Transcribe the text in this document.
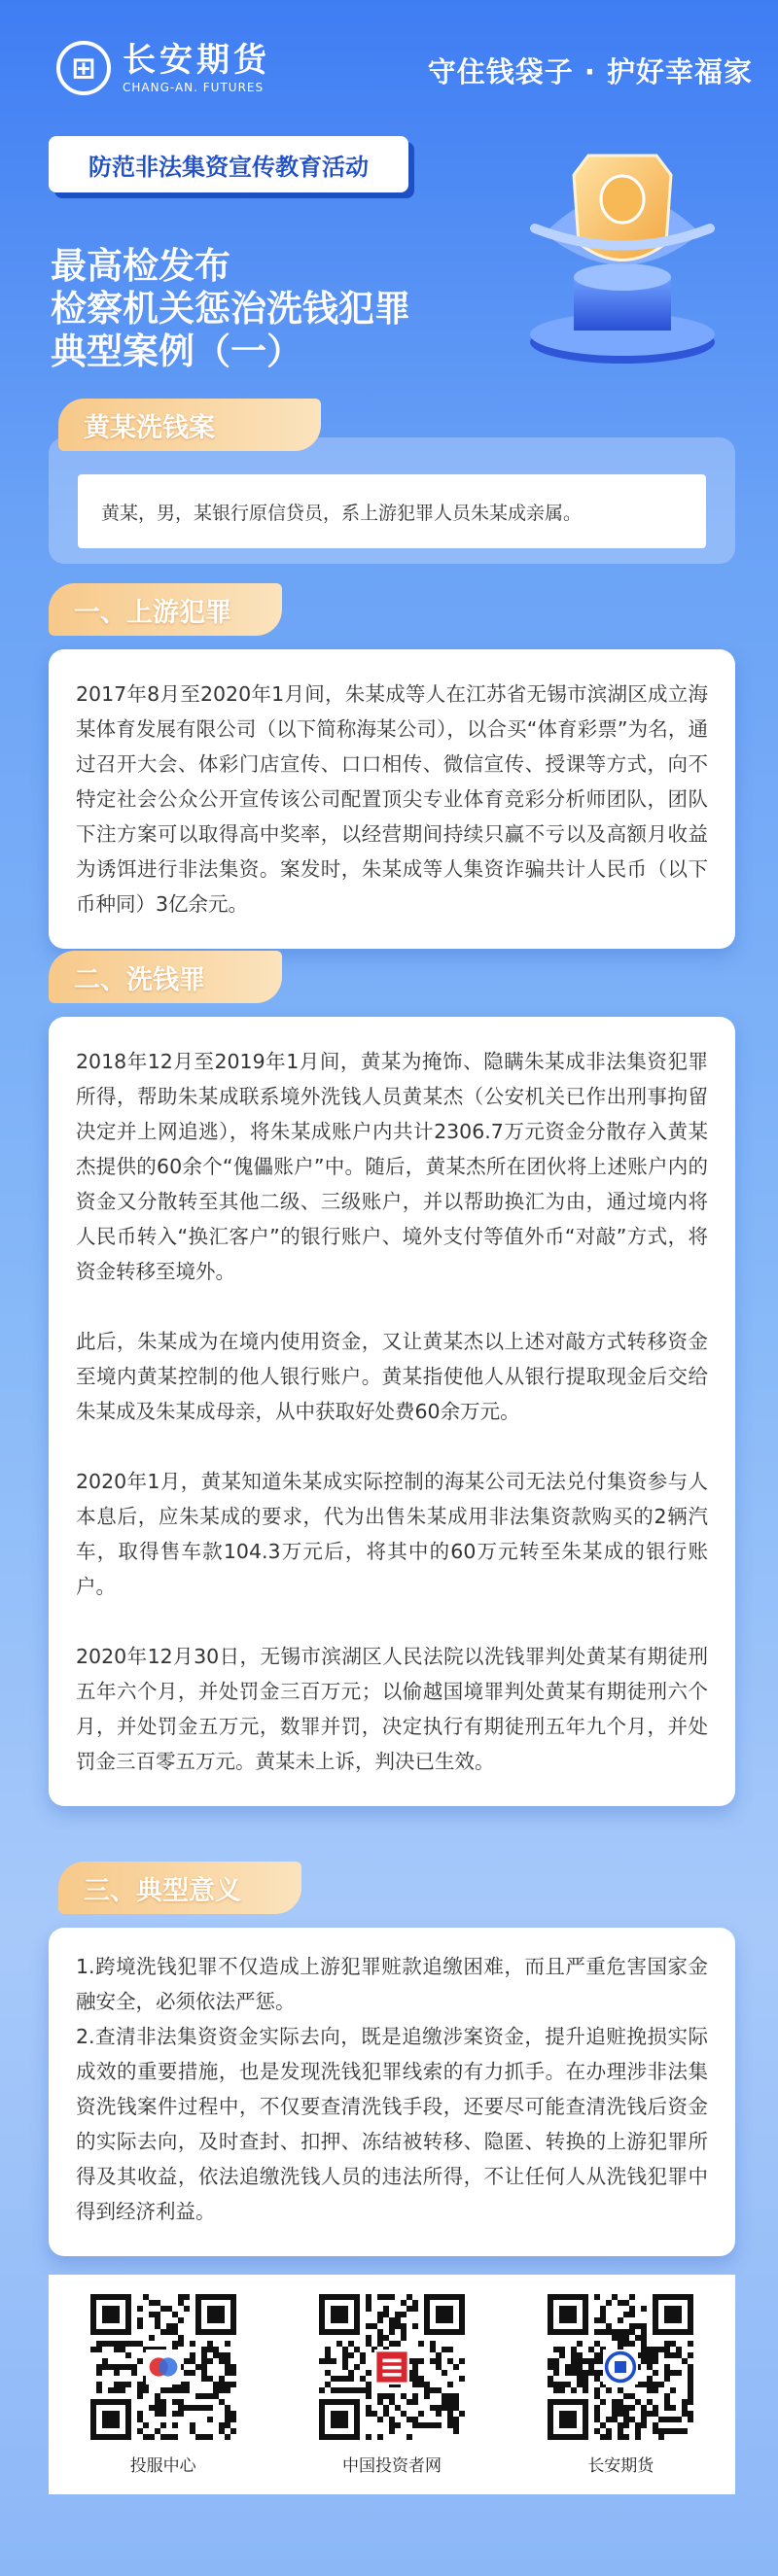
⊞ 长安期货
CHANG-AN. FUTURES	守住钱袋子 · 护好幸福家
防范非法集资宣传教育活动
最高检发布
检察机关惩治洗钱犯罪
典型案例（一）
黄某洗钱案
黄某，男，某银行原信贷员，系上游犯罪人员朱某成亲属。
一、上游犯罪

2017年8月至2020年1月间，朱某成等人在江苏省无锡市滨湖区成立海某体育发展有限公司（以下简称海某公司），以合买“体育彩票”为名，通过召开大会、体彩门店宣传、口口相传、微信宣传、授课等方式，向不特定社会公众公开宣传该公司配置顶尖专业体育竞彩分析师团队，团队下注方案可以取得高中奖率，以经营期间持续只赢不亏以及高额月收益为诱饵进行非法集资。案发时，朱某成等人集资诈骗共计人民币（以下币种同）3亿余元。

二、洗钱罪

2018年12月至2019年1月间，黄某为掩饰、隐瞒朱某成非法集资犯罪所得，帮助朱某成联系境外洗钱人员黄某杰（公安机关已作出刑事拘留决定并上网追逃），将朱某成账户内共计2306.7万元资金分散存入黄某杰提供的60余个“傀儡账户”中。随后，黄某杰所在团伙将上述账户内的资金又分散转至其他二级、三级账户，并以帮助换汇为由，通过境内将人民币转入“换汇客户”的银行账户、境外支付等值外币“对敲”方式，将资金转移至境外。

此后，朱某成为在境内使用资金，又让黄某杰以上述对敲方式转移资金至境内黄某控制的他人银行账户。黄某指使他人从银行提取现金后交给朱某成及朱某成母亲，从中获取好处费60余万元。

2020年1月，黄某知道朱某成实际控制的海某公司无法兑付集资参与人本息后，应朱某成的要求，代为出售朱某成用非法集资款购买的2辆汽车，取得售车款104.3万元后，将其中的60万元转至朱某成的银行账户。

2020年12月30日，无锡市滨湖区人民法院以洗钱罪判处黄某有期徒刑五年六个月，并处罚金三百万元；以偷越国境罪判处黄某有期徒刑六个月，并处罚金五万元，数罪并罚，决定执行有期徒刑五年九个月，并处罚金三百零五万元。黄某未上诉，判决已生效。

三、典型意义

1.跨境洗钱犯罪不仅造成上游犯罪赃款追缴困难，而且严重危害国家金融安全，必须依法严惩。

2.查清非法集资资金实际去向，既是追缴涉案资金，提升追赃挽损实际成效的重要措施，也是发现洗钱犯罪线索的有力抓手。在办理涉非法集资洗钱案件过程中，不仅要查清洗钱手段，还要尽可能查清洗钱后资金的实际去向，及时查封、扣押、冻结被转移、隐匿、转换的上游犯罪所得及其收益，依法追缴洗钱人员的违法所得，不让任何人从洗钱犯罪中得到经济利益。

投服中心	中国投资者网	长安期货
